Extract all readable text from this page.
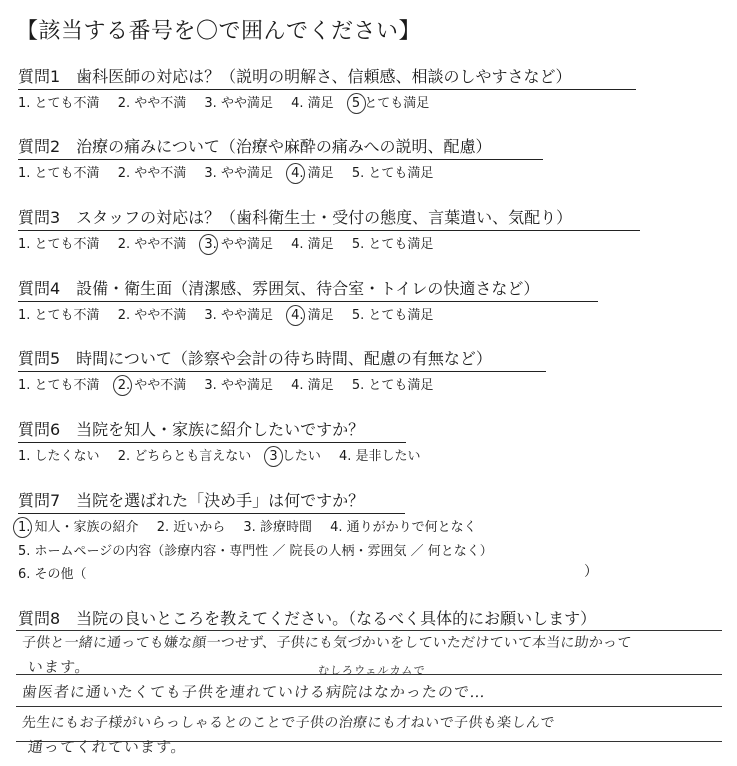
【該当する番号を〇で囲んでください】
質問1　歯科医師の対応は？（説明の明解さ、信頼感、相談のしやすさなど）
1. とても不満 2. やや不満 3. やや満足 4. 満足 5 とても満足
質問2　治療の痛みについて（治療や麻酔の痛みへの説明、配慮）
1. とても不満 2. やや不満 3. やや満足 4. 満足 5. とても満足
質問3　スタッフの対応は？（歯科衛生士・受付の態度、言葉遣い、気配り）
1. とても不満 2. やや不満 3. やや満足 4. 満足 5. とても満足
質問4　設備・衛生面（清潔感、雰囲気、待合室・トイレの快適さなど）
1. とても不満 2. やや不満 3. やや満足 4. 満足 5. とても満足
質問5　時間について（診察や会計の待ち時間、配慮の有無など）
1. とても不満 2. やや不満 3. やや満足 4. 満足 5. とても満足
質問6　当院を知人・家族に紹介したいですか？
1. したくない 2. どちらとも言えない 3 したい 4. 是非したい
質問7　当院を選ばれた「決め手」は何ですか？
1. 知人・家族の紹介 2. 近いから 3. 診療時間 4. 通りがかりで何となく
5. ホームページの内容（診療内容・専門性 ／ 院長の人柄・雰囲気 ／ 何となく）
6. その他（	）
質問8　当院の良いところを教えてください。（なるべく具体的にお願いします）
子供と一緒に通っても嫌な顔一つせず、子供にも気づかいをしていただけていて本当に助かって
います。	むしろウェルカムで
歯医者に通いたくても子供を連れていける病院はなかったので…
先生にもお子様がいらっしゃるとのことで子供の治療にも才ねいで子供も楽しんで
通ってくれています。
